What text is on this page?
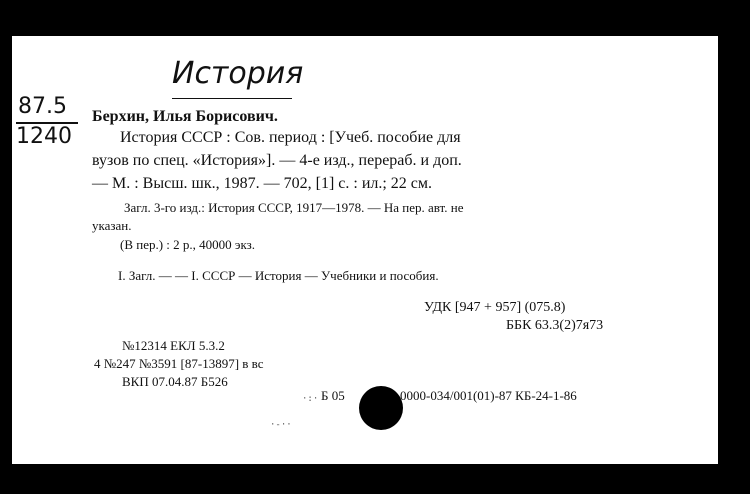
История
87.5
1240
Берхин, Илья Борисович.
История СССР : Сов. период : [Учеб. пособие для
вузов по спец. «История»]. — 4-е изд., перераб. и доп.
— М. : Высш. шк., 1987. — 702, [1] с. : ил.; 22 см.
Загл. 3-го изд.: История СССР, 1917—1978. — На пер. авт. не
указан.
(В пер.) : 2 р., 40000 экз.
I. Загл. — — I. СССР — История — Учебники и пособия.
УДК [947 + 957] (075.8)
ББК 63.3(2)7я73
№12314 ЕКЛ 5.3.2
4 №247 №3591 [87-13897] в вс
ВКП 07.04.87 Б526
Б 05	0000-034/001(01)-87 КБ-24-1-86
·:·
·-··
